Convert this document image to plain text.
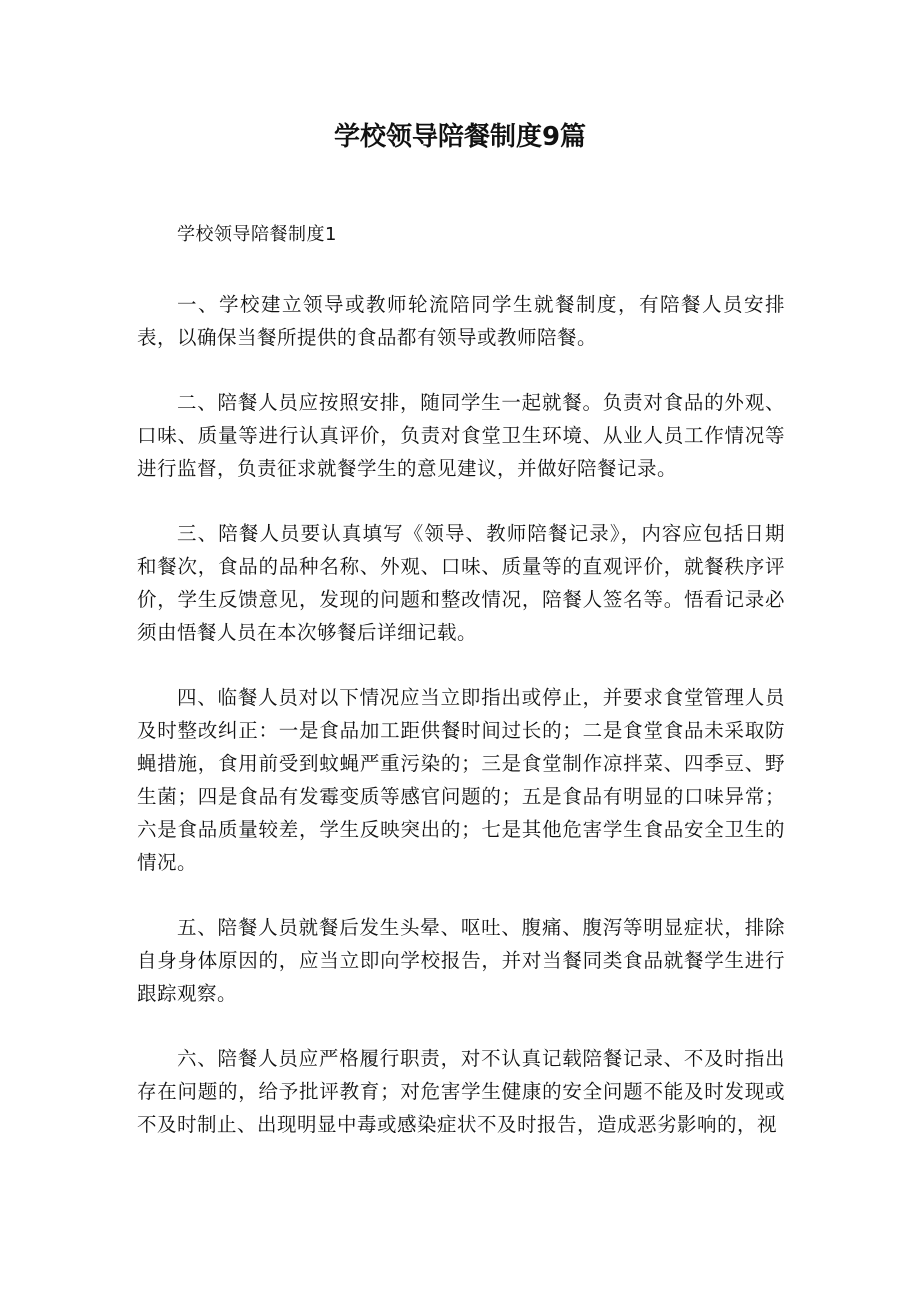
学校领导陪餐制度9篇

学校领导陪餐制度1

一、学校建立领导或教师轮流陪同学生就餐制度，有陪餐人员安排表，以确保当餐所提供的食品都有领导或教师陪餐。

二、陪餐人员应按照安排，随同学生一起就餐。负责对食品的外观、口味、质量等进行认真评价，负责对食堂卫生环境、从业人员工作情况等进行监督，负责征求就餐学生的意见建议，并做好陪餐记录。

三、陪餐人员要认真填写《领导、教师陪餐记录》，内容应包括日期和餐次，食品的品种名称、外观、口味、质量等的直观评价，就餐秩序评价，学生反馈意见，发现的问题和整改情况，陪餐人签名等。悟看记录必须由悟餐人员在本次够餐后详细记载。

四、临餐人员对以下情况应当立即指出或停止，并要求食堂管理人员及时整改纠正：一是食品加工距供餐时间过长的；二是食堂食品未采取防蝇措施，食用前受到蚊蝇严重污染的；三是食堂制作凉拌菜、四季豆、野生菌；四是食品有发霉变质等感官问题的；五是食品有明显的口味异常；六是食品质量较差，学生反映突出的；七是其他危害学生食品安全卫生的情况。

五、陪餐人员就餐后发生头晕、呕吐、腹痛、腹泻等明显症状，排除自身身体原因的，应当立即向学校报告，并对当餐同类食品就餐学生进行跟踪观察。

六、陪餐人员应严格履行职责，对不认真记载陪餐记录、不及时指出存在问题的，给予批评教育；对危害学生健康的安全问题不能及时发现或不及时制止、出现明显中毒或感染症状不及时报告，造成恶劣影响的，视
